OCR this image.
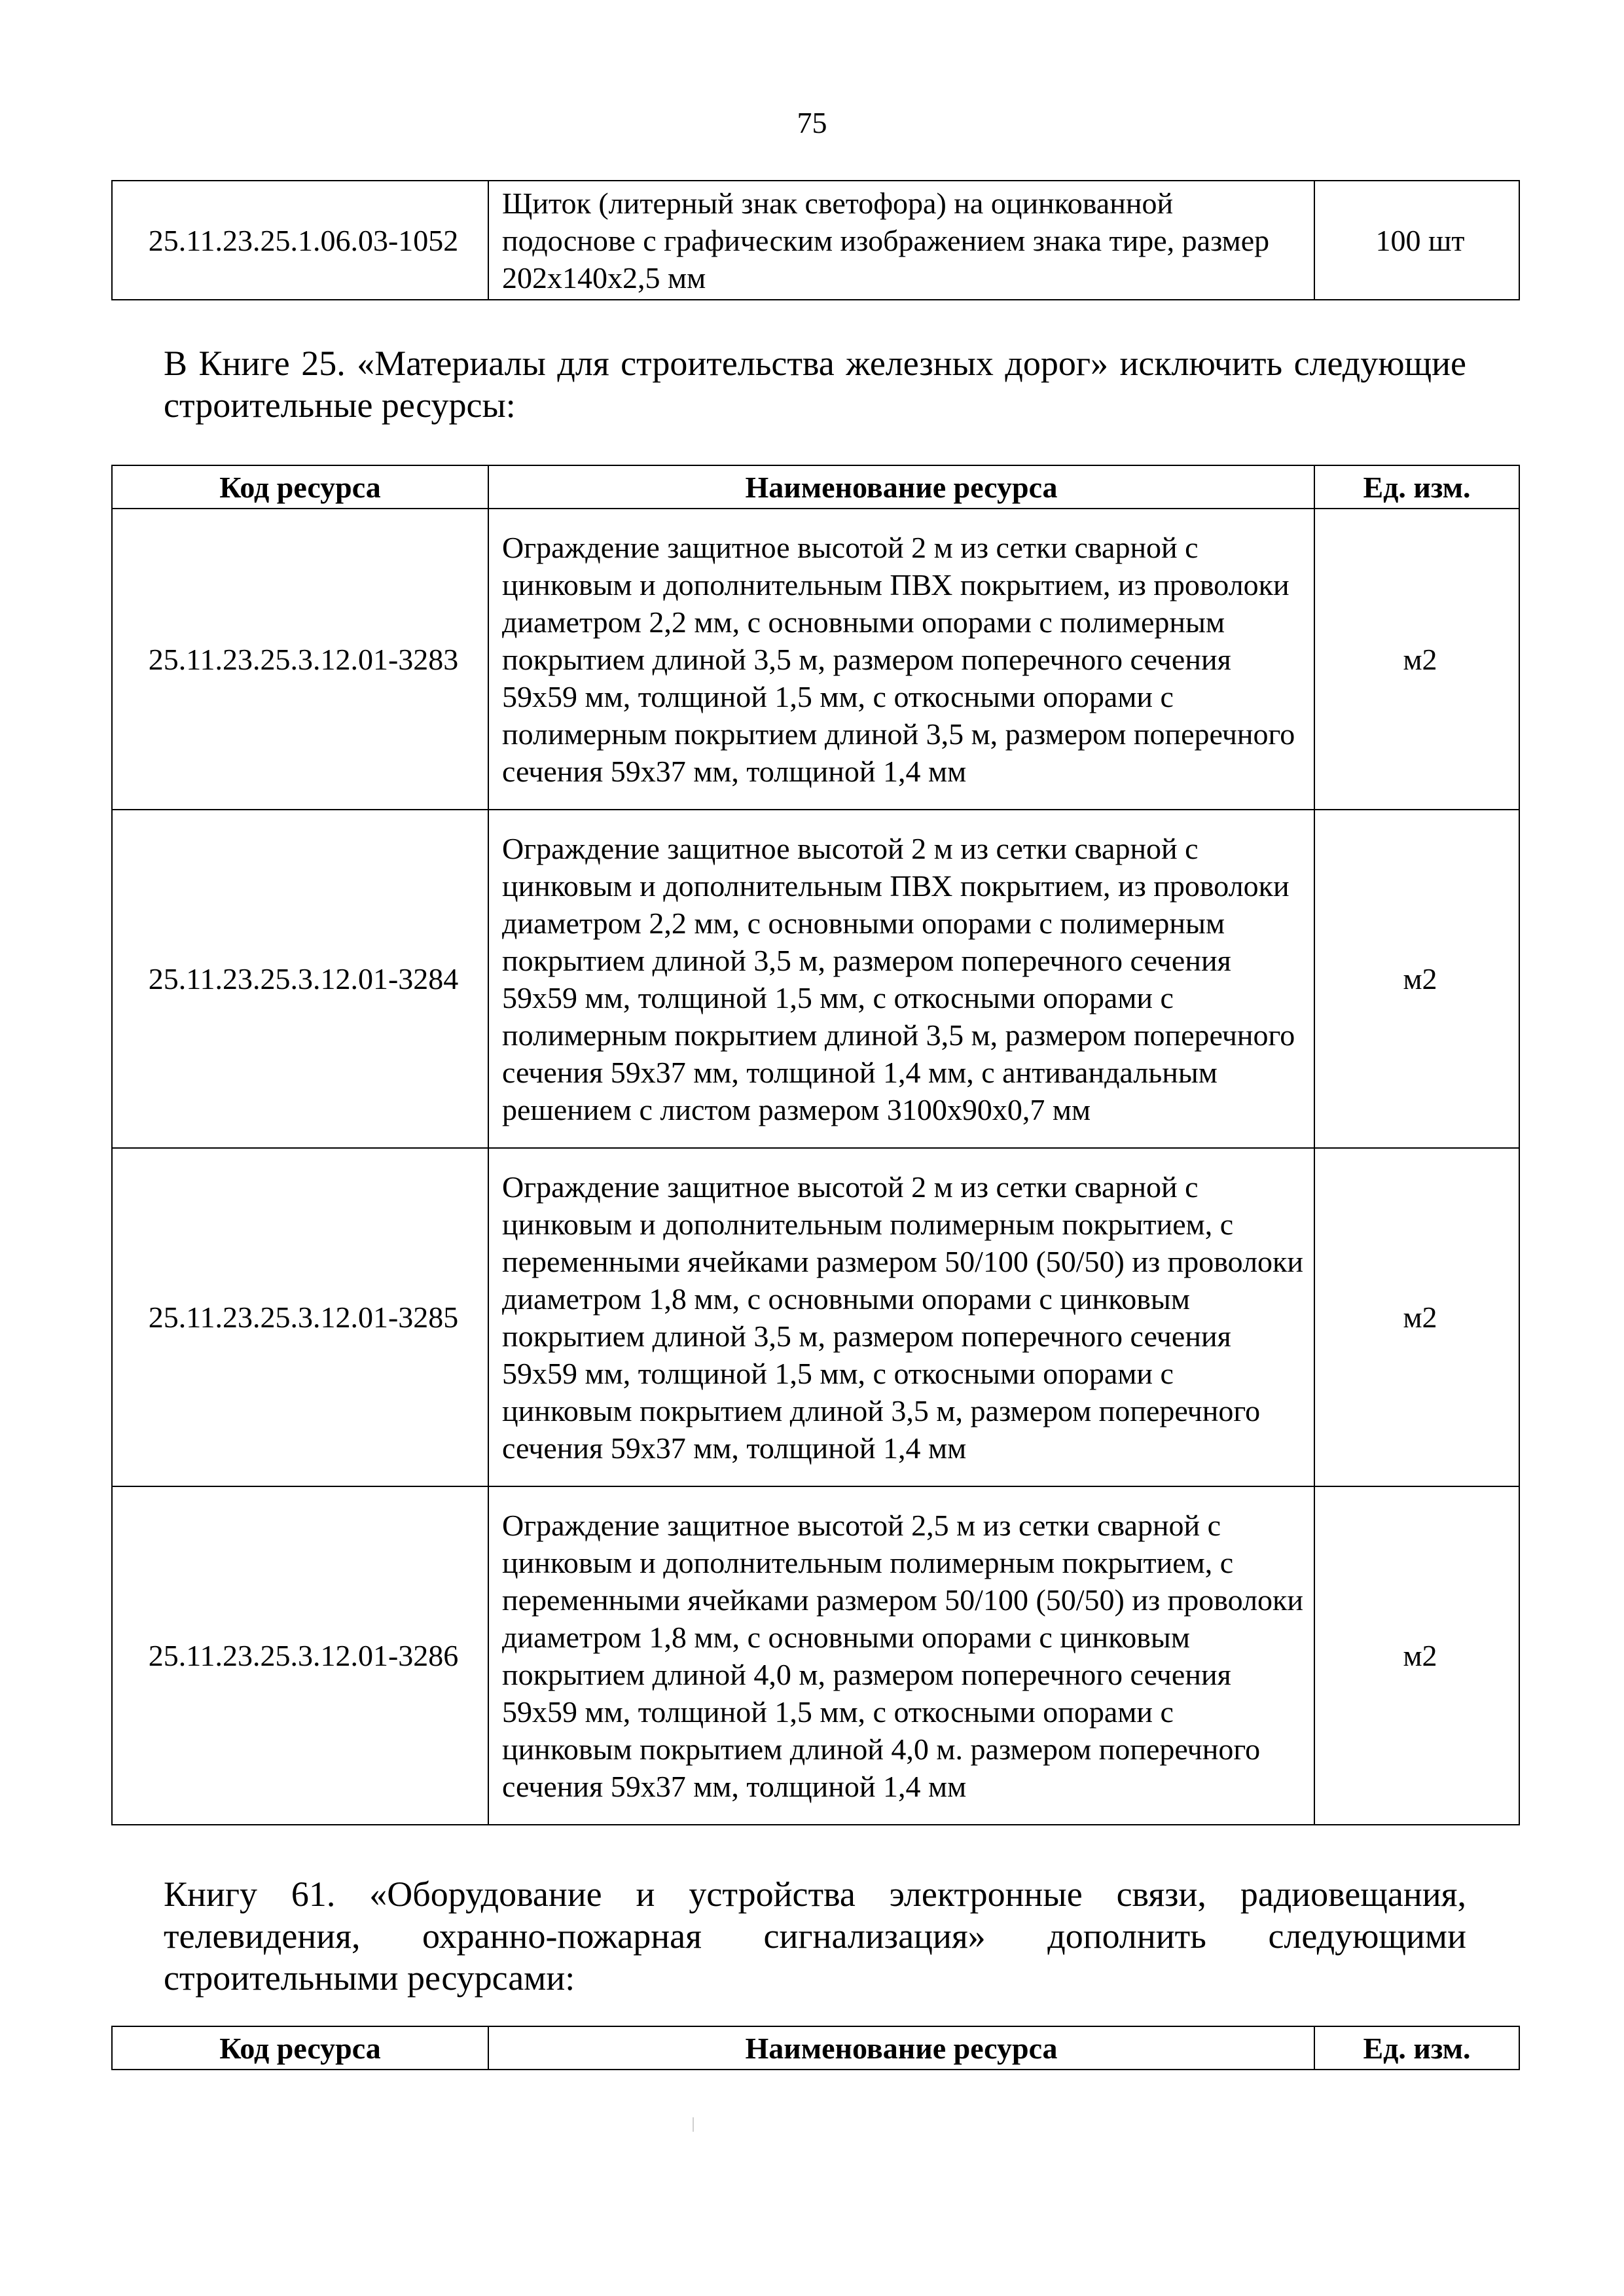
75
25.11.23.25.1.06.03-1052	Щиток (литерный знак светофора) на оцинкованной подоснове с графическим изображением знака тире, размер 202х140х2,5 мм	100 шт
В Книге 25. «Материалы для строительства железных дорог» исключить следующие строительные ресурсы:
Код ресурса	Наименование ресурса	Ед. изм.
25.11.23.25.3.12.01-3283	Ограждение защитное высотой 2 м из сетки сварной с цинковым и дополнительным ПВХ покрытием, из проволоки диаметром 2,2 мм, с основными опорами с полимерным покрытием длиной 3,5 м, размером поперечного сечения 59х59 мм, толщиной 1,5 мм, с откосными опорами с полимерным покрытием длиной 3,5 м, размером поперечного сечения 59х37 мм, толщиной 1,4 мм	м2
25.11.23.25.3.12.01-3284	Ограждение защитное высотой 2 м из сетки сварной с цинковым и дополнительным ПВХ покрытием, из проволоки диаметром 2,2 мм, с основными опорами с полимерным покрытием длиной 3,5 м, размером поперечного сечения 59х59 мм, толщиной 1,5 мм, с откосными опорами с полимерным покрытием длиной 3,5 м, размером поперечного сечения 59х37 мм, толщиной 1,4 мм, с антивандальным решением с листом размером 3100х90х0,7 мм	м2
25.11.23.25.3.12.01-3285	Ограждение защитное высотой 2 м из сетки сварной с цинковым и дополнительным полимерным покрытием, с переменными ячейками размером 50/100 (50/50) из проволоки диаметром 1,8 мм, с основными опорами с цинковым покрытием длиной 3,5 м, размером поперечного сечения 59х59 мм, толщиной 1,5 мм, с откосными опорами с цинковым покрытием длиной 3,5 м, размером поперечного сечения 59х37 мм, толщиной 1,4 мм	м2
25.11.23.25.3.12.01-3286	Ограждение защитное высотой 2,5 м из сетки сварной с цинковым и дополнительным полимерным покрытием, с переменными ячейками размером 50/100 (50/50) из проволоки диаметром 1,8 мм, с основными опорами с цинковым покрытием длиной 4,0 м, размером поперечного сечения 59х59 мм, толщиной 1,5 мм, с откосными опорами с цинковым покрытием длиной 4,0 м. размером поперечного сечения 59х37 мм, толщиной 1,4 мм	м2
Книгу 61. «Оборудование и устройства электронные связи, радиовещания, телевидения, охранно-пожарная сигнализация» дополнить следующими строительными ресурсами:
Код ресурса	Наименование ресурса	Ед. изм.
